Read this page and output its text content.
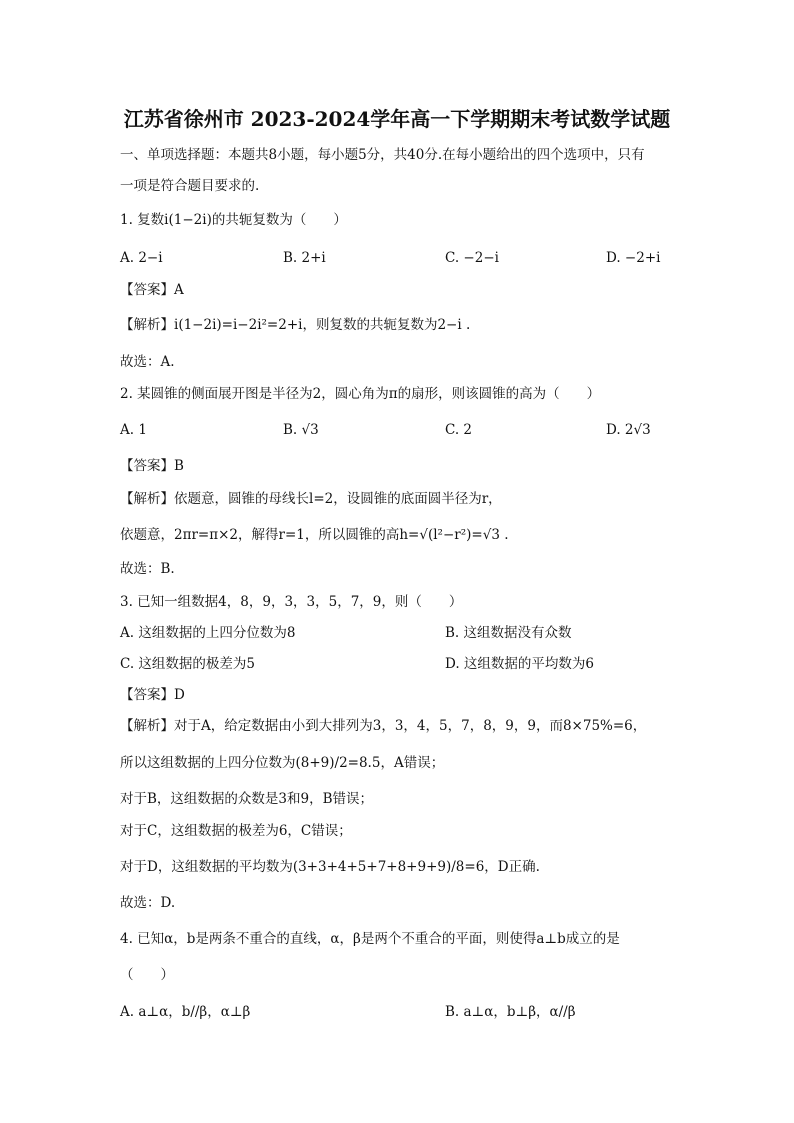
江苏省徐州市 2023-2024学年高一下学期期末考试数学试题
一、单项选择题：本题共8小题，每小题5分，共40分.在每小题给出的四个选项中，只有
一项是符合题目要求的.
1. 复数i(1−2i)的共轭复数为（　　）
A. 2−i	B. 2+i	C. −2−i	D. −2+i
【答案】A
【解析】i(1−2i)=i−2i²=2+i，则复数的共轭复数为2−i .
故选：A.
2. 某圆锥的侧面展开图是半径为2，圆心角为π的扇形，则该圆锥的高为（　　）
A. 1	B. √3	C. 2	D. 2√3
【答案】B
【解析】依题意，圆锥的母线长l=2，设圆锥的底面圆半径为r，
依题意，2πr=π×2，解得r=1，所以圆锥的高h=√(l²−r²)=√3 .
故选：B.
3. 已知一组数据4，8，9，3，3，5，7，9，则（　　）
A. 这组数据的上四分位数为8	B. 这组数据没有众数
C. 这组数据的极差为5	D. 这组数据的平均数为6
【答案】D
【解析】对于A，给定数据由小到大排列为3，3，4，5，7，8，9，9，而8×75%=6，
所以这组数据的上四分位数为(8+9)/2=8.5，A错误；
对于B，这组数据的众数是3和9，B错误；
对于C，这组数据的极差为6，C错误；
对于D，这组数据的平均数为(3+3+4+5+7+8+9+9)/8=6，D正确.
故选：D.
4. 已知α，b是两条不重合的直线，α，β是两个不重合的平面，则使得a⊥b成立的是
（　　）
A. a⊥α，b//β，α⊥β	B. a⊥α，b⊥β，α//β
